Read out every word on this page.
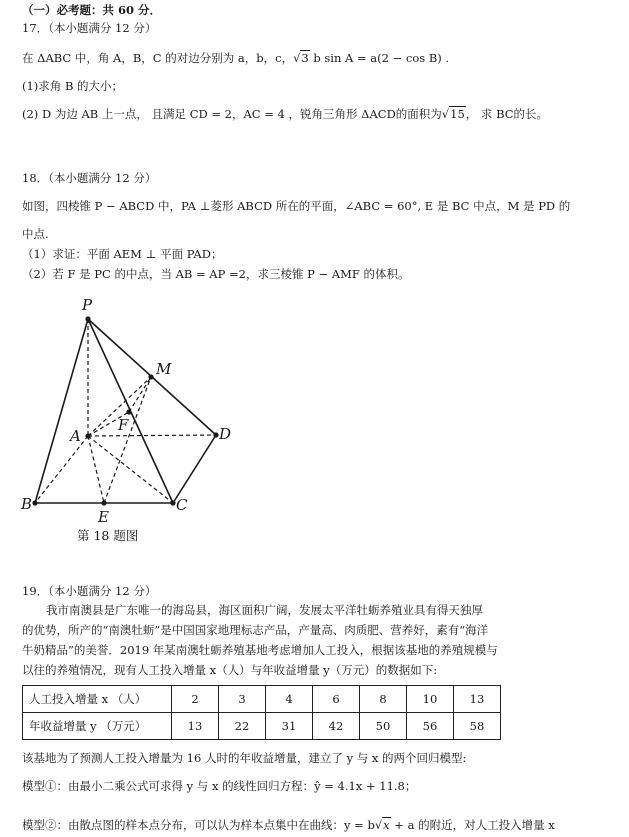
（一）必考题：共 60 分．
17．（本小题满分 12 分）
在 ΔABC 中，角 A，B，C 的对边分别为 a，b，c，√3 b sin A = a(2 − cos B) .
(1)求角 B 的大小；
(2) D 为边 AB 上一点， 且满足 CD = 2，AC = 4 ，锐角三角形 ΔACD的面积为√15， 求 BC的长。
18．（本小题满分 12 分）
如图，四棱锥 P − ABCD 中，PA ⊥菱形 ABCD 所在的平面，∠ABC = 60°, E 是 BC 中点，M 是 PD 的
中点.
（1）求证：平面 AEM ⊥ 平面 PAD；
（2）若 F 是 PC 的中点，当 AB = AP =2，求三棱锥 P − AMF 的体积。
P
M
A
F	D
B
E
C
第 18 题图
19．（本小题满分 12 分）
我市南澳县是广东唯一的海岛县，海区面积广阔，发展太平洋牡蛎养殖业具有得天独厚
的优势，所产的“南澳牡蛎”是中国国家地理标志产品，产量高、肉质肥、营养好，素有“海洋
牛奶精品”的美誉．2019 年某南澳牡蛎养殖基地考虑增加人工投入，根据该基地的养殖规模与
以往的养殖情况，现有人工投入增量 x（人）与年收益增量 y（万元）的数据如下:
人工投入增量 x （人）	2	3	4	6	8	10	13
年收益增量 y （万元）	13	22	31	42	50	56	58
该基地为了预测人工投入增量为 16 人时的年收益增量，建立了 y 与 x 的两个回归模型:
模型①：由最小二乘公式可求得 y 与 x 的线性回归方程：ŷ = 4.1x + 11.8；
模型②：由散点图的样本点分布，可以认为样本点集中在曲线：y = b√x + a 的附近，对人工投入增量 x
